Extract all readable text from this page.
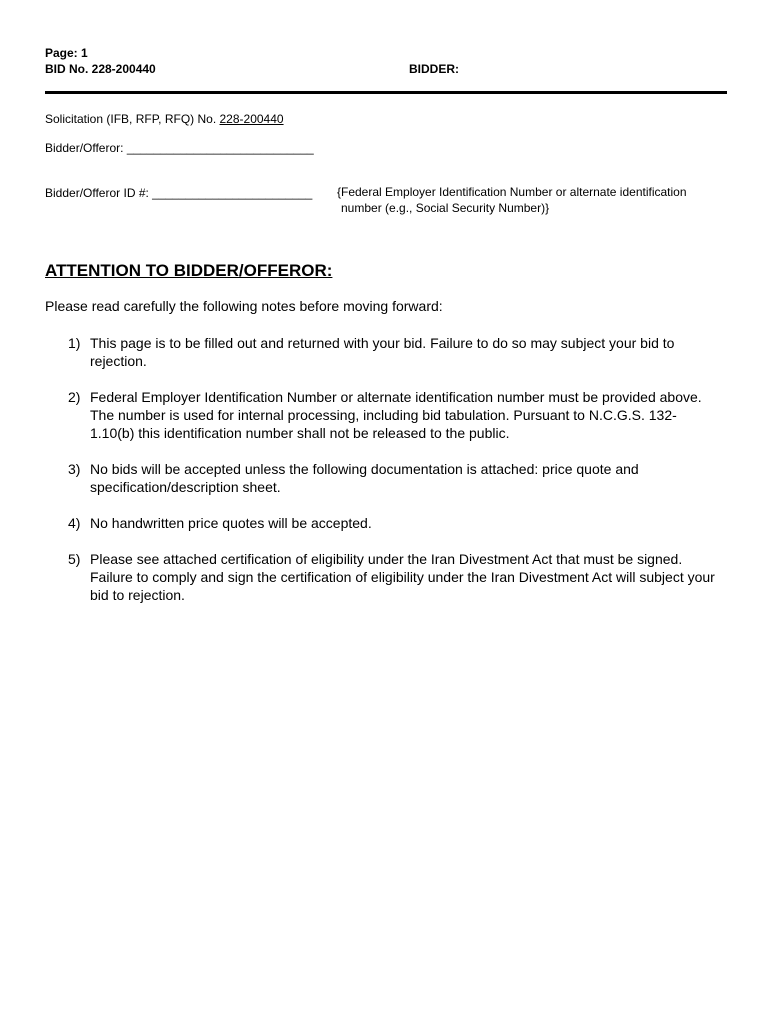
Page: 1
BID No. 228-200440	BIDDER:
Solicitation (IFB, RFP, RFQ) No. 228-200440
Bidder/Offeror: ____________________________
Bidder/Offeror ID #: ________________________ {Federal Employer Identification Number or alternate identification
number (e.g., Social Security Number)}
ATTENTION TO BIDDER/OFFEROR:
Please read carefully the following notes before moving forward:
1) This page is to be filled out and returned with your bid. Failure to do so may subject your bid to rejection.
2) Federal Employer Identification Number or alternate identification number must be provided above. The number is used for internal processing, including bid tabulation. Pursuant to N.C.G.S. 132-1.10(b) this identification number shall not be released to the public.
3) No bids will be accepted unless the following documentation is attached: price quote and specification/description sheet.
4) No handwritten price quotes will be accepted.
5) Please see attached certification of eligibility under the Iran Divestment Act that must be signed. Failure to comply and sign the certification of eligibility under the Iran Divestment Act will subject your bid to rejection.
